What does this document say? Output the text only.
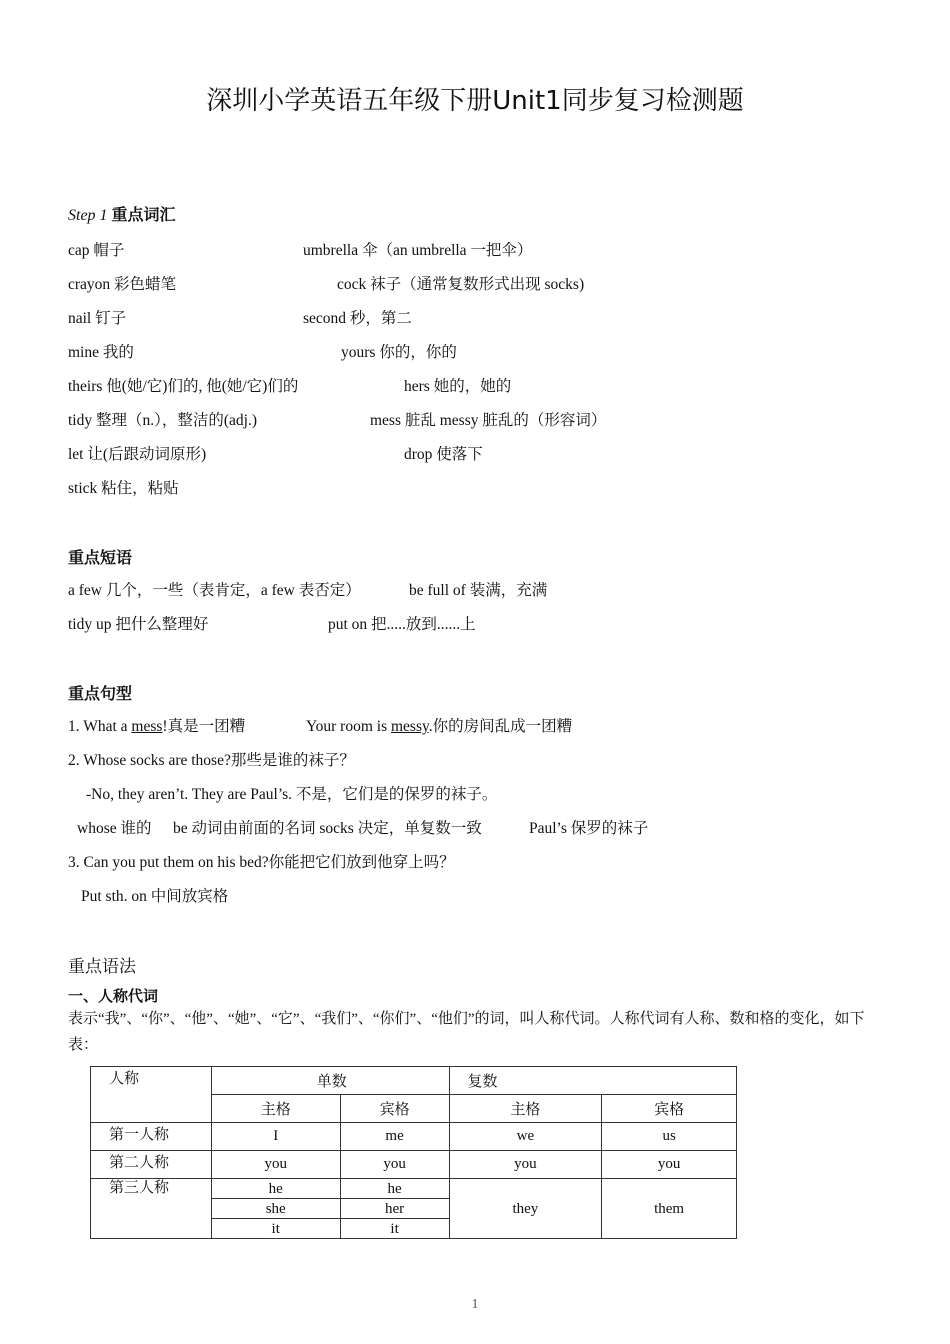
深圳小学英语五年级下册Unit1同步复习检测题
Step 1 重点词汇
cap 帽子	umbrella 伞（an umbrella 一把伞）
crayon 彩色蜡笔	cock 袜子（通常复数形式出现 socks)
nail 钉子	second 秒，第二
mine 我的	yours 你的，你的
theirs 他(她/它)们的, 他(她/它)们的	hers 她的，她的
tidy 整理（n.），整洁的(adj.)	mess 脏乱 messy 脏乱的（形容词）
let 让(后跟动词原形)	drop 使落下
stick 粘住，粘贴
重点短语
a few 几个，一些（表肯定，a few 表否定）	be full of 装满，充满
tidy up 把什么整理好	put on 把.....放到......上
重点句型
1. What a mess!真是一团糟	Your room is messy.你的房间乱成一团糟
2. Whose socks are those?那些是谁的袜子？
-No, they aren’t. They are Paul’s. 不是，它们是的保罗的袜子。
whose 谁的 be 动词由前面的名词 socks 决定，单复数一致	Paul’s 保罗的袜子
3. Can you put them on his bed?你能把它们放到他穿上吗？
Put sth. on 中间放宾格
重点语法
一、人称代词
表示“我”、“你”、“他”、“她”、“它”、“我们”、“你们”、“他们”的词，叫人称代词。人称代词有人称、数和格的变化，如下表：
人称	单数		复数	
	主格	宾格	主格	宾格
第一人称	I	me	we	us
第二人称	you	you	you	you
第三人称	he	he	they	them
	she	her		
	it	it		
1
